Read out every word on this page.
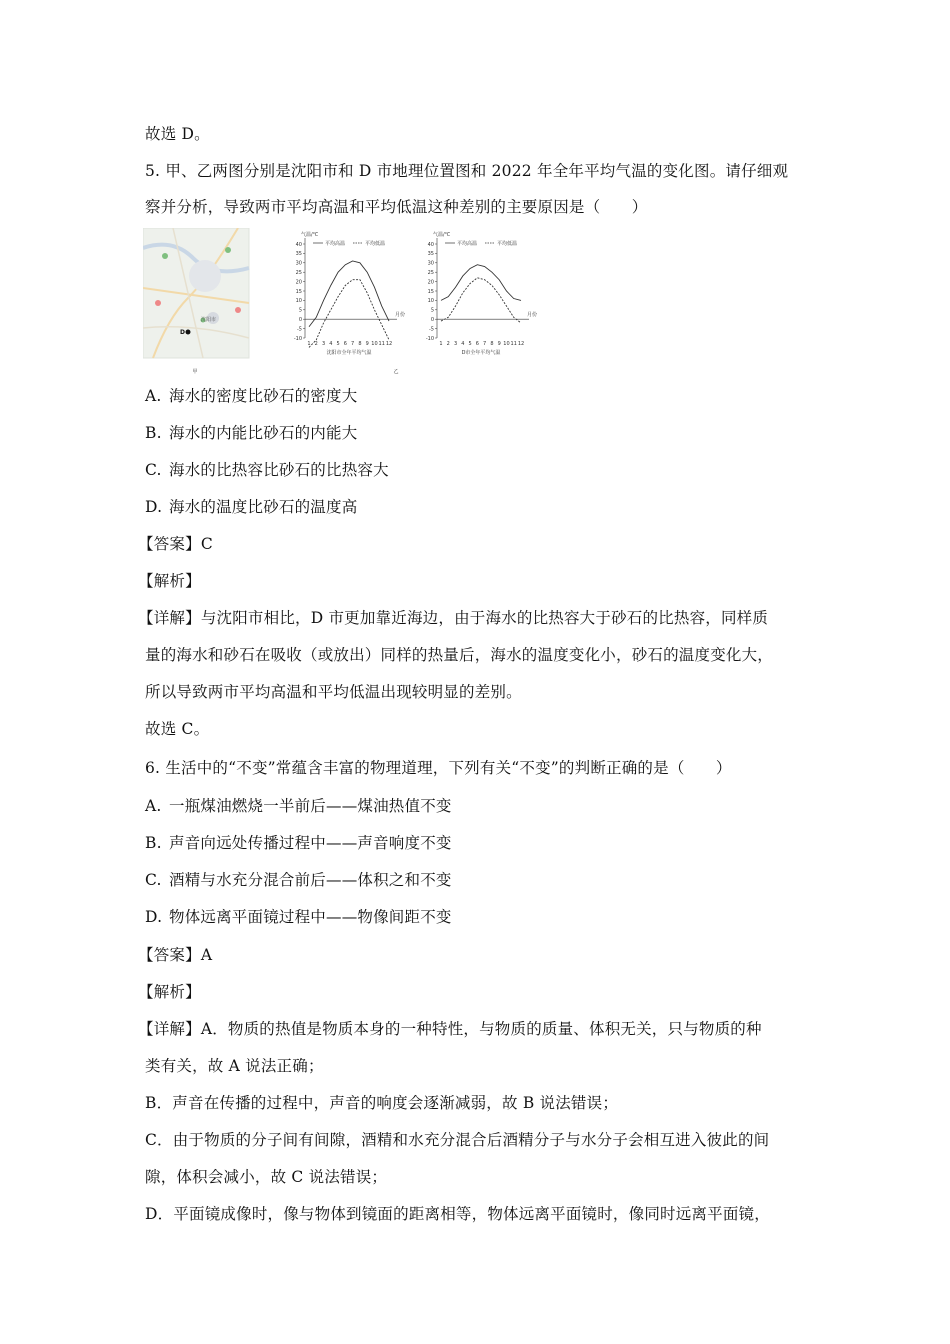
故选 D。
5. 甲、乙两图分别是沈阳市和 D 市地理位置图和 2022 年全年平均气温的变化图。请仔细观
察并分析，导致两市平均高温和平均低温这种差别的主要原因是（　　）
沈阳市
D
甲
-10
-5
0
5
10
15
20
25
30
35
40
气温/℃
月份
1 2 3 4 5 6 7 8 9 10 11 12
平均高温	平均低温
沈阳市全年平均气温
-10
-5
0
5
10
15
20
25
30
35
40
气温/℃
月份
1 2 3 4 5 6 7 8 9 10 11 12
平均高温	平均低温
D市全年平均气温
乙
A. 海水的密度比砂石的密度大
B. 海水的内能比砂石的内能大
C. 海水的比热容比砂石的比热容大
D. 海水的温度比砂石的温度高
【答案】C
【解析】
【详解】与沈阳市相比，D 市更加靠近海边，由于海水的比热容大于砂石的比热容，同样质
量的海水和砂石在吸收（或放出）同样的热量后，海水的温度变化小，砂石的温度变化大，
所以导致两市平均高温和平均低温出现较明显的差别。
故选 C。
6. 生活中的“不变”常蕴含丰富的物理道理，下列有关“不变”的判断正确的是（　　）
A. 一瓶煤油燃烧一半前后——煤油热值不变
B. 声音向远处传播过程中——声音响度不变
C. 酒精与水充分混合前后——体积之和不变
D. 物体远离平面镜过程中——物像间距不变
【答案】A
【解析】
【详解】A．物质的热值是物质本身的一种特性，与物质的质量、体积无关，只与物质的种
类有关，故 A 说法正确；
B．声音在传播的过程中，声音的响度会逐渐减弱，故 B 说法错误；
C．由于物质的分子间有间隙，酒精和水充分混合后酒精分子与水分子会相互进入彼此的间
隙，体积会减小，故 C 说法错误；
D．平面镜成像时，像与物体到镜面的距离相等，物体远离平面镜时，像同时远离平面镜，
